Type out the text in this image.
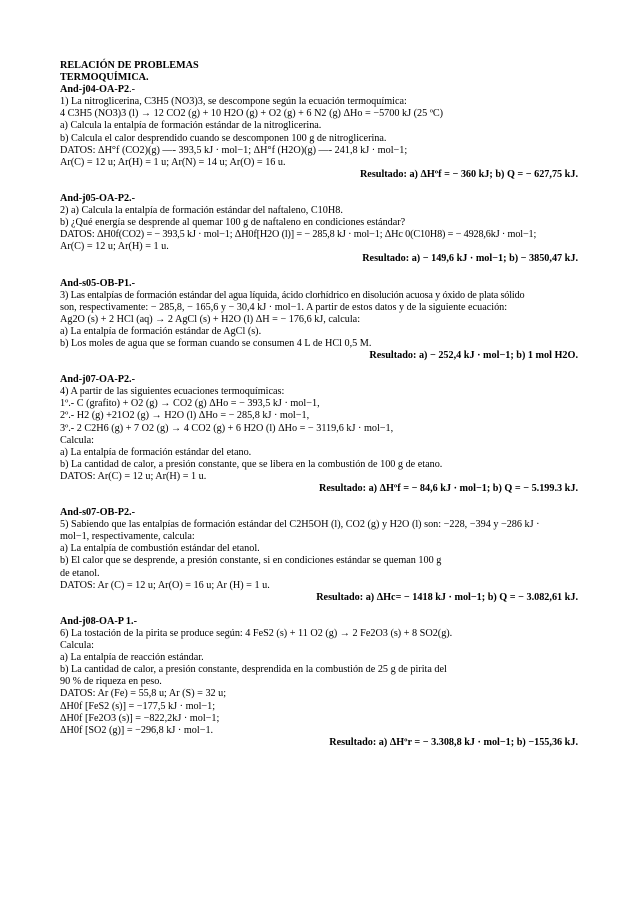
RELACIÓN DE PROBLEMAS
TERMOQUÍMICA.
And-j04-OA-P2.-
1) La nitroglicerina, C3H5 (NO3)3, se descompone según la ecuación termoquímica:
4 C3H5 (NO3)3 (l) → 12 CO2 (g) + 10 H2O (g) + O2 (g) + 6 N2 (g) ΔHo = −5700 kJ (25 ºC)
a) Calcula la entalpía de formación estándar de la nitroglicerina.
b) Calcula el calor desprendido cuando se descomponen 100 g de nitroglicerina.
DATOS: ΔH°f (CO2)(g) —- 393,5 kJ · mol−1; ΔH°f (H2O)(g) —- 241,8 kJ · mol−1;
Ar(C) = 12 u; Ar(H) = 1 u; Ar(N) = 14 u; Ar(O) = 16 u.
Resultado: a) ΔHºf = − 360 kJ; b) Q = − 627,75 kJ.
And-j05-OA-P2.-
2) a) Calcula la entalpía de formación estándar del naftaleno, C10H8.
b) ¿Qué energía se desprende al quemar 100 g de naftaleno en condiciones estándar?
DATOS: ΔH0f(CO2) = − 393,5 kJ · mol−1; ΔH0f[H2O (l)] = − 285,8 kJ · mol−1; ΔHc 0(C10H8) = − 4928,6kJ · mol−1;
Ar(C) = 12 u; Ar(H) = 1 u.
Resultado: a) − 149,6 kJ · mol−1; b) − 3850,47 kJ.
And-s05-OB-P1.-
3) Las entalpías de formación estándar del agua líquida, ácido clorhídrico en disolución acuosa y óxido de plata sólido
son, respectivamente: − 285,8, − 165,6 y − 30,4 kJ · mol−1. A partir de estos datos y de la siguiente ecuación:
Ag2O (s) + 2 HCl (aq) → 2 AgCl (s) + H2O (l) ΔH = − 176,6 kJ, calcula:
a) La entalpía de formación estándar de AgCl (s).
b) Los moles de agua que se forman cuando se consumen 4 L de HCl 0,5 M.
Resultado: a) − 252,4 kJ · mol−1; b) 1 mol H2O.
And-j07-OA-P2.-
4) A partir de las siguientes ecuaciones termoquímicas:
1º.- C (grafito) + O2 (g) → CO2 (g) ΔHo = − 393,5 kJ · mol−1,
2º.- H2 (g) +21O2 (g) → H2O (l) ΔHo = − 285,8 kJ · mol−1,
3º.- 2 C2H6 (g) + 7 O2 (g) → 4 CO2 (g) + 6 H2O (l) ΔHo = − 3119,6 kJ · mol−1,
Calcula:
a) La entalpía de formación estándar del etano.
b) La cantidad de calor, a presión constante, que se libera en la combustión de 100 g de etano.
DATOS: Ar(C) = 12 u; Ar(H) = 1 u.
Resultado: a) ΔHºf = − 84,6 kJ · mol−1; b) Q = − 5.199.3 kJ.
And-s07-OB-P2.-
5) Sabiendo que las entalpías de formación estándar del C2H5OH (l), CO2 (g) y H2O (l) son: −228, −394 y −286 kJ ·
mol−1, respectivamente, calcula:
a) La entalpía de combustión estándar del etanol.
b) El calor que se desprende, a presión constante, si en condiciones estándar se queman 100 g
de etanol.
DATOS: Ar (C) = 12 u; Ar(O) = 16 u; Ar (H) = 1 u.
Resultado: a) ΔHc= − 1418 kJ · mol−1; b) Q = − 3.082,61 kJ.
And-j08-OA-P 1.-
6) La tostación de la pirita se produce según: 4 FeS2 (s) + 11 O2 (g) → 2 Fe2O3 (s) + 8 SO2(g).
Calcula:
a) La entalpía de reacción estándar.
b) La cantidad de calor, a presión constante, desprendida en la combustión de 25 g de pirita del
90 % de riqueza en peso.
DATOS: Ar (Fe) = 55,8 u; Ar (S) = 32 u;
ΔH0f [FeS2 (s)] = −177,5 kJ · mol−1;
ΔH0f [Fe2O3 (s)] = −822,2kJ · mol−1;
ΔH0f [SO2 (g)] = −296,8 kJ · mol−1.
Resultado: a) ΔHºr = − 3.308,8 kJ · mol−1; b) −155,36 kJ.
